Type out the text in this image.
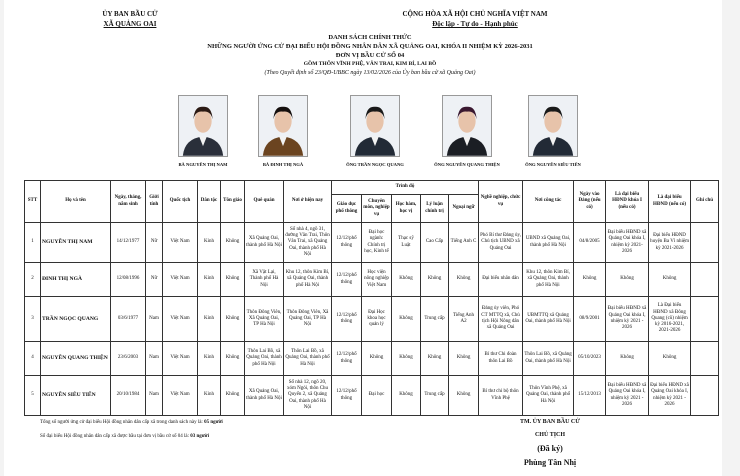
ỦY BAN BẦU CỬ
XÃ QUẢNG OAI
CỘNG HÒA XÃ HỘI CHỦ NGHĨA VIỆT NAM
Độc lập - Tự do - Hạnh phúc
DANH SÁCH CHÍNH THỨC
NHỮNG NGƯỜI ỨNG CỬ ĐẠI BIỂU HỘI ĐỒNG NHÂN DÂN XÃ QUẢNG OAI, KHÓA II NHIỆM KỲ 2026-2031
ĐƠN VỊ BẦU CỬ SỐ 04
GỒM THÔN VĨNH PHỆ, VÂN TRAI, KIM BÍ, LAI BỒ
(Theo Quyết định số 23/QĐ-UBBC ngày 13/02/2026 của Ủy ban bầu cử xã Quảng Oai)
BÀ NGUYỄN THỊ NAM	BÀ ĐINH THỊ NGÀ	ÔNG TRẦN NGỌC QUANG	ÔNG NGUYỄN QUANG THIỆN	ÔNG NGUYỄN SIÊU TIẾN
STT	Họ và tên	Ngày, tháng, năm sinh	Giới tính	Quốc tịch	Dân tộc	Tôn giáo	Quê quán	Nơi ở hiện nay	Trình độ					Nghề nghiệp, chức vụ	Nơi công tác	Ngày vào Đảng (nếu có)	Là đại biểu HĐND khóa I (nếu có)	Là đại biểu HĐND (nếu có)	Ghi chú
									Giáo dục phổ thông	Chuyên môn, nghiệp vụ	Học hàm, học vị	Lý luận chính trị	Ngoại ngữ						
1	NGUYỄN THỊ NAM	14/12/1977	Nữ	Việt Nam	Kinh	Không	Xã Quảng Oai, thành phố Hà Nội	Số nhà 4, ngõ 31, đường Vân Trai, Thôn Vân Trai, xã Quảng Oai, thành phố Hà Nội	12/12/phổ thông	Đại học ngành: Chính trị học, Kinh tế	Thạc sỹ Luật	Cao Cấp	Tiếng Anh C	Phó Bí thư Đảng ủy, Chủ tịch UBND xã Quảng Oai	UBND xã Quảng Oai, thành phố Hà Nội	04/8/2005	Đại biểu HĐND xã Quảng Oai khóa I, nhiệm kỳ 2021-2026	Đại biểu HĐND huyện Ba Vì nhiệm kỳ 2021-2026	
2	ĐINH THỊ NGÀ	12/08/1996	Nữ	Việt Nam	Kinh	Không	Xã Vật Lại, Thành phố Hà Nội	Khu 12, thôn Kim Bí, xã Quảng Oai, thành phố Hà Nội	12/12/phổ thông	Học viện nông nghiệp Việt Nam	Không	Không	Không	Đại biểu nhân dân	Khu 12, thôn Kim Bí, xã Quảng Oai, thành phố Hà Nội	Không	Không	Không	
3	TRẦN NGỌC QUANG	03/6/1977	Nam	Việt Nam	Kinh	Không	Thôn Đông Viên, Xã Quảng Oai, TP Hà Nội	Thôn Đông Viên, Xã Quảng Oai, TP Hà Nội	12/12/phổ thông	Đại Học khoa học quản lý	Không	Trung cấp	Tiếng Anh A2	Đảng ủy viên, Phó CT MTTQ xã, Chủ tịch Hội Nông dân xã Quảng Oai	UBMTTQ xã Quảng Oai, thành phố Hà Nội	08/9/2001	Đại biểu HĐND xã Quảng Oai khóa I, nhiệm kỳ 2021 - 2026	Là Đại biểu HĐND xã Đông Quang (cũ) nhiệm kỳ 2016-2021, 2021-2026	
4	NGUYỄN QUANG THIỆN	23/6/2003	Nam	Việt Nam	Kinh	Không	Thôn Lai Bồ, xã Quảng Oai, thành phố Hà Nội	Thôn Lai Bồ, xã Quảng Oai, thành phố Hà Nội	12/12/phổ thông	Không	Không	Không	Không	Bí thư Chi đoàn thôn Lai Bồ	Thôn Lai Bồ, xã Quảng Oai, thành phố Hà Nội	05/10/2023	Không	Không	
5	NGUYỄN SIÊU TIẾN	20/10/1984	Nam	Việt Nam	Kinh	Không	Xã Quảng Oai, thành phố Hà Nội	Số nhà 12, ngõ 20, xóm Ngói, thôn Chu Quyến 2, xã Quảng Oai, thành phố Hà Nội	12/12/phổ thông	Đại học	Không	Trung cấp	Không	Bí thư chi bộ thôn Vĩnh Phệ	Thôn Vĩnh Phệ, xã Quảng Oai, thành phố Hà Nội	15/12/2013	Đại biểu HĐND xã Quảng Oai khóa I, nhiệm kỳ 2021 - 2026	Đại biểu HĐND xã Quảng Oai khóa I, nhiệm kỳ 2021 - 2026	
Tổng số người ứng cử đại biểu Hội đồng nhân dân cấp xã trong danh sách này là: 05 người
Số đại biểu Hội đồng nhân dân cấp xã được bầu tại đơn vị bầu cử số 04 là: 03 người
TM. ỦY BAN BẦU CỬ
CHỦ TỊCH
(Đã ký)
Phùng Tân Nhị
